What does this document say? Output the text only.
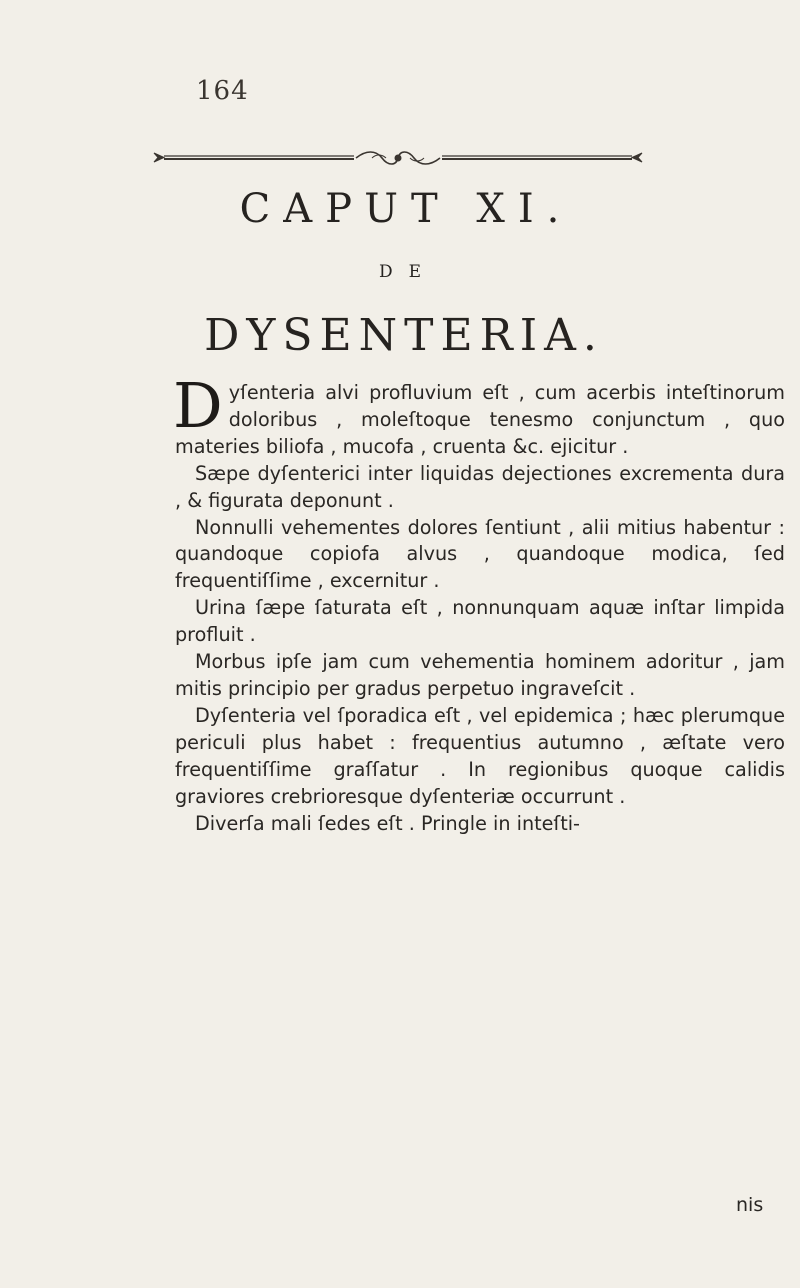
164
CAPUT XI.
DE
DYSENTERIA.

Dyſenteria alvi profluvium eſt , cum acerbis inteſtinorum doloribus , moleſtoque tenesmo conjunctum , quo materies biliofa , mucofa , cruenta &c. ejicitur .

Sæpe dyſenterici inter liquidas dejectiones excrementa dura , & figurata deponunt .

Nonnulli vehementes dolores ſentiunt , alii mitius habentur : quandoque copiofa alvus , quandoque modica, ſed frequentiſſime , excernitur .

Urina ſæpe ſaturata eſt , nonnunquam aquæ inſtar limpida profluit .

Morbus ipſe jam cum vehementia hominem adoritur , jam mitis principio per gradus perpetuo ingraveſcit .

Dyſenteria vel ſporadica eſt , vel epidemica ; hæc plerumque periculi plus habet : frequentius autumno , æſtate vero frequentiſſime graſſatur . In regionibus quoque calidis graviores crebrioresque dyſenteriæ occurrunt .

Diverſa mali ſedes eſt . Pringle in inteſti-

nis
